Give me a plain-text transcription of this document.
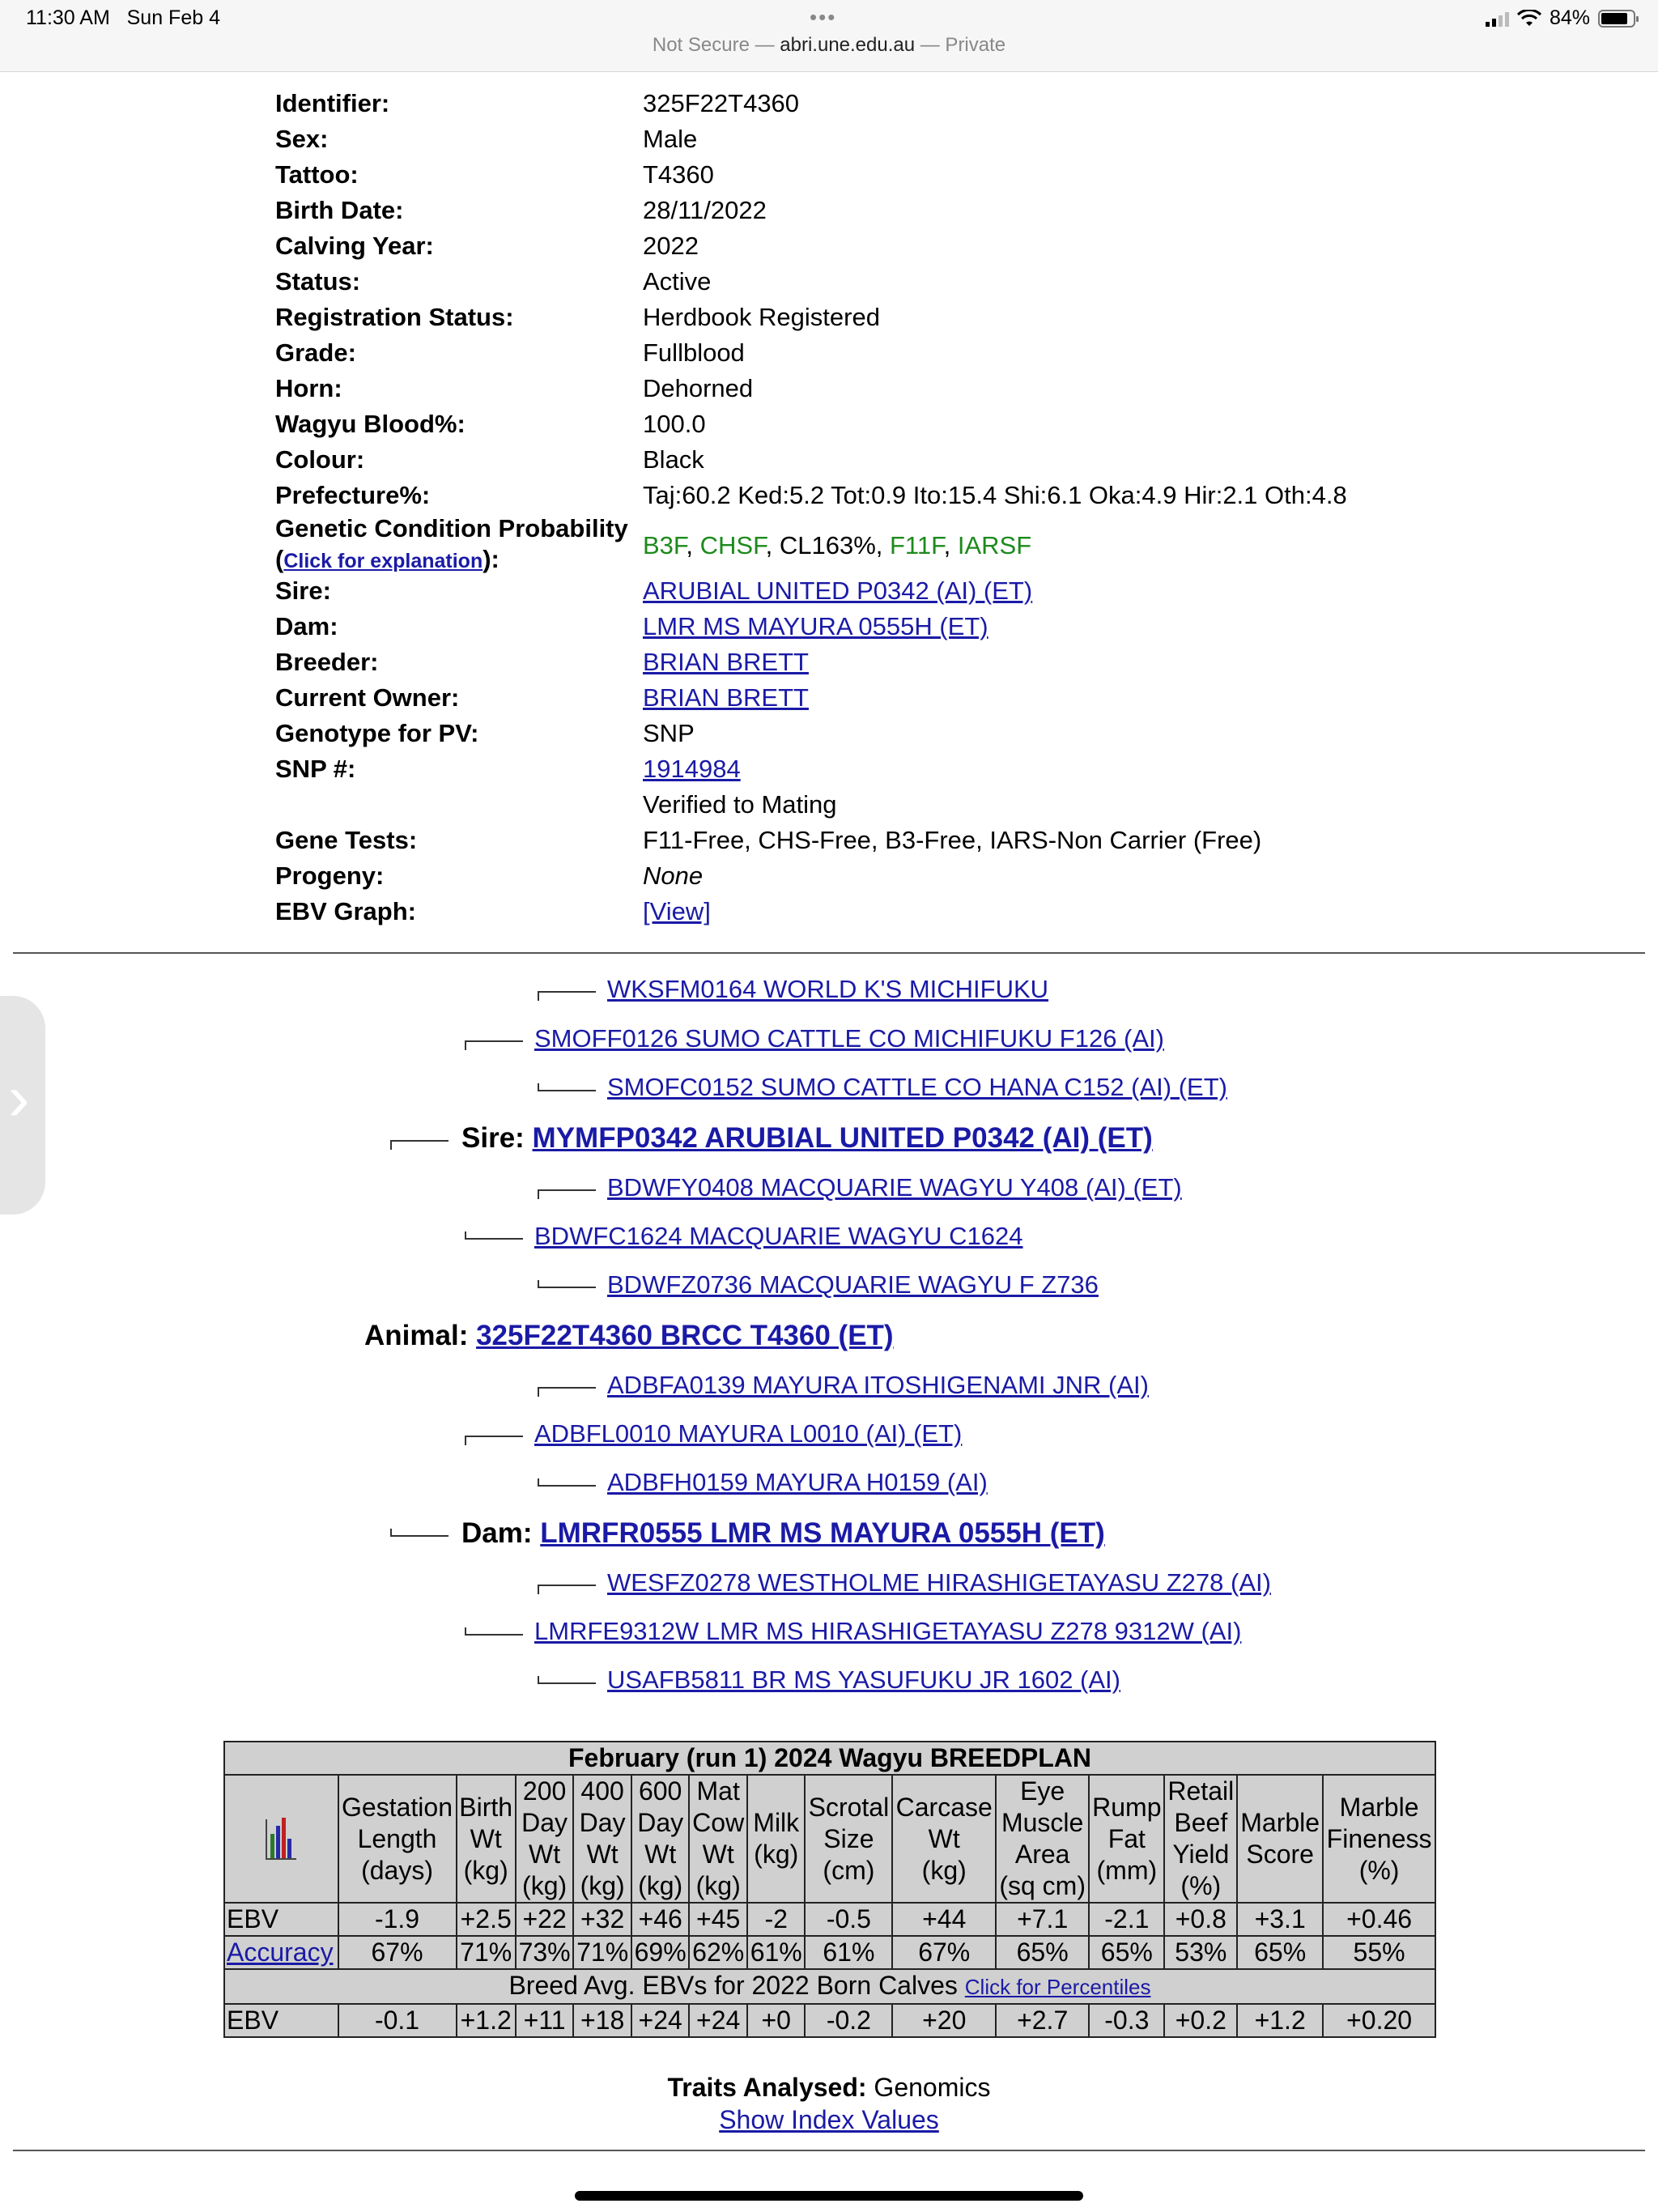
11:30 AM Sun Feb 4	•••
Not Secure — abri.une.edu.au — Private
84%
›
Identifier:	325F22T4360
Sex:	Male
Tattoo:	T4360
Birth Date:	28/11/2022
Calving Year:	2022
Status:	Active
Registration Status:	Herdbook Registered
Grade:	Fullblood
Horn:	Dehorned
Wagyu Blood%:	100.0
Colour:	Black
Prefecture%:	Taj:60.2 Ked:5.2 Tot:0.9 Ito:15.4 Shi:6.1 Oka:4.9 Hir:2.1 Oth:4.8
Genetic Condition Probability
(Click for explanation):	B3F, CHSF, CL163%, F11F, IARSF
Sire:	ARUBIAL UNITED P0342 (AI) (ET)
Dam:	LMR MS MAYURA 0555H (ET)
Breeder:	BRIAN BRETT
Current Owner:	BRIAN BRETT
Genotype for PV:	SNP
SNP #:	1914984
Verified to Mating
Gene Tests:	F11-Free, CHS-Free, B3-Free, IARS-Non Carrier (Free)
Progeny:	None
EBV Graph:	[View]
WKSFM0164 WORLD K'S MICHIFUKU
SMOFF0126 SUMO CATTLE CO MICHIFUKU F126 (AI)
SMOFC0152 SUMO CATTLE CO HANA C152 (AI) (ET)
Sire: MYMFP0342 ARUBIAL UNITED P0342 (AI) (ET)
BDWFY0408 MACQUARIE WAGYU Y408 (AI) (ET)
BDWFC1624 MACQUARIE WAGYU C1624
BDWFZ0736 MACQUARIE WAGYU F Z736
Animal: 325F22T4360 BRCC T4360 (ET)
ADBFA0139 MAYURA ITOSHIGENAMI JNR (AI)
ADBFL0010 MAYURA L0010 (AI) (ET)
ADBFH0159 MAYURA H0159 (AI)
Dam: LMRFR0555 LMR MS MAYURA 0555H (ET)
WESFZ0278 WESTHOLME HIRASHIGETAYASU Z278 (AI)
LMRFE9312W LMR MS HIRASHIGETAYASU Z278 9312W (AI)
USAFB5811 BR MS YASUFUKU JR 1602 (AI)
February (run 1) 2024 Wagyu BREEDPLAN														

	Gestation
Length
(days)	Birth
Wt
(kg)	200
Day
Wt
(kg)	400
Day
Wt
(kg)	600
Day
Wt
(kg)	Mat
Cow
Wt
(kg)	Milk
(kg)	Scrotal
Size
(cm)	Carcase
Wt
(kg)	Eye
Muscle
Area
(sq cm)	Rump
Fat
(mm)	Retail
Beef
Yield
(%)	Marble
Score	Marble
Fineness
(%)
EBV	-1.9	+2.5	+22	+32	+46	+45	-2	-0.5	+44	+7.1	-2.1	+0.8	+3.1	+0.46
Accuracy	67%	71%	73%	71%	69%	62%	61%	61%	67%	65%	65%	53%	65%	55%
Breed Avg. EBVs for 2022 Born Calves Click for Percentiles														
EBV	-0.1	+1.2	+11	+18	+24	+24	+0	-0.2	+20	+2.7	-0.3	+0.2	+1.2	+0.20
Traits Analysed: Genomics
Show Index Values
